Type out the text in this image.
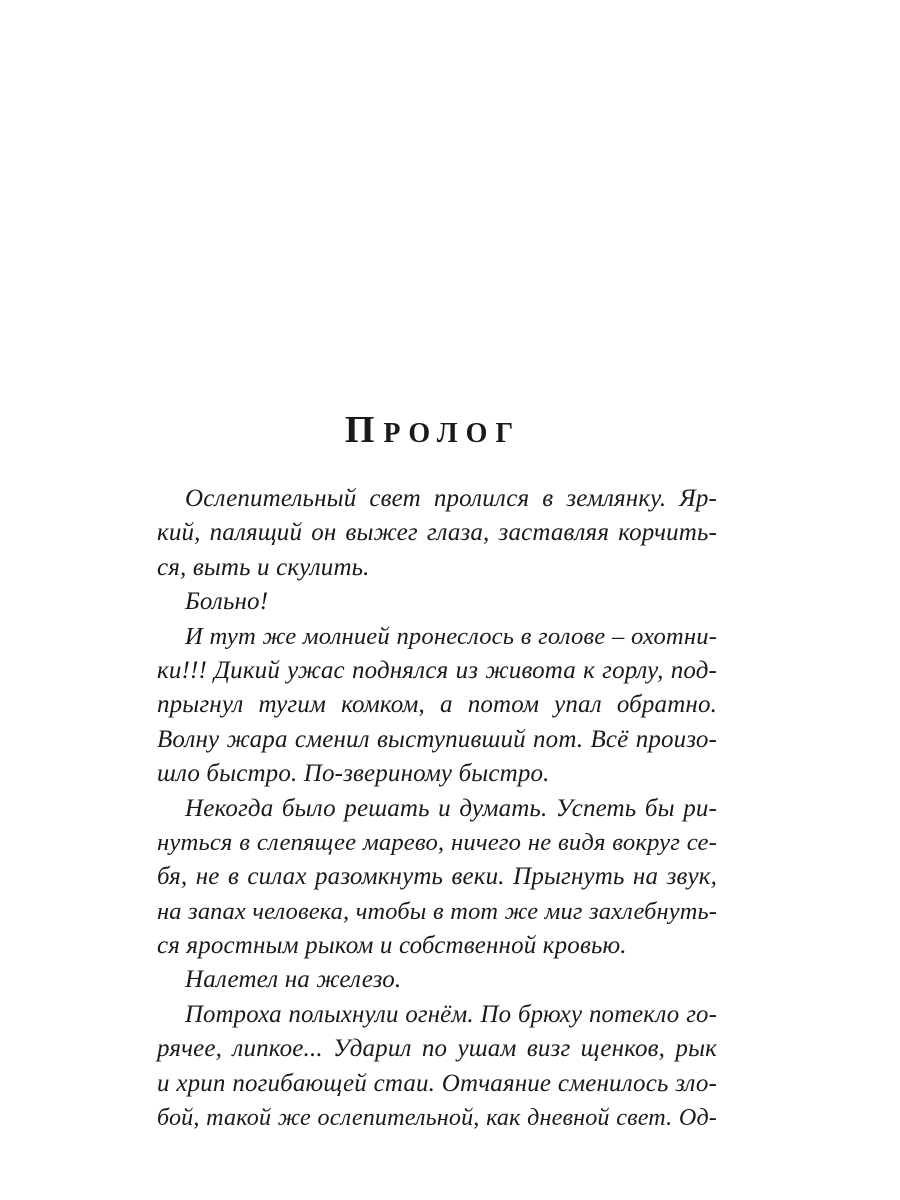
ПРОЛОГ
Ослепительный свет пролился в землянку. Яр-
кий, палящий он выжег глаза, заставляя корчить-
ся, выть и скулить.
Больно!
И тут же молнией пронеслось в голове – охотни-
ки!!! Дикий ужас поднялся из живота к горлу, под-
прыгнул тугим комком, а потом упал обратно.
Волну жара сменил выступивший пот. Всё произо-
шло быстро. По-звериному быстро.
Некогда было решать и думать. Успеть бы ри-
нуться в слепящее марево, ничего не видя вокруг се-
бя, не в силах разомкнуть веки. Прыгнуть на звук,
на запах человека, чтобы в тот же миг захлебнуть-
ся яростным рыком и собственной кровью.
Налетел на железо.
Потроха полыхнули огнём. По брюху потекло го-
рячее, липкое... Ударил по ушам визг щенков, рык
и хрип погибающей стаи. Отчаяние сменилось зло-
бой, такой же ослепительной, как дневной свет. Од-
